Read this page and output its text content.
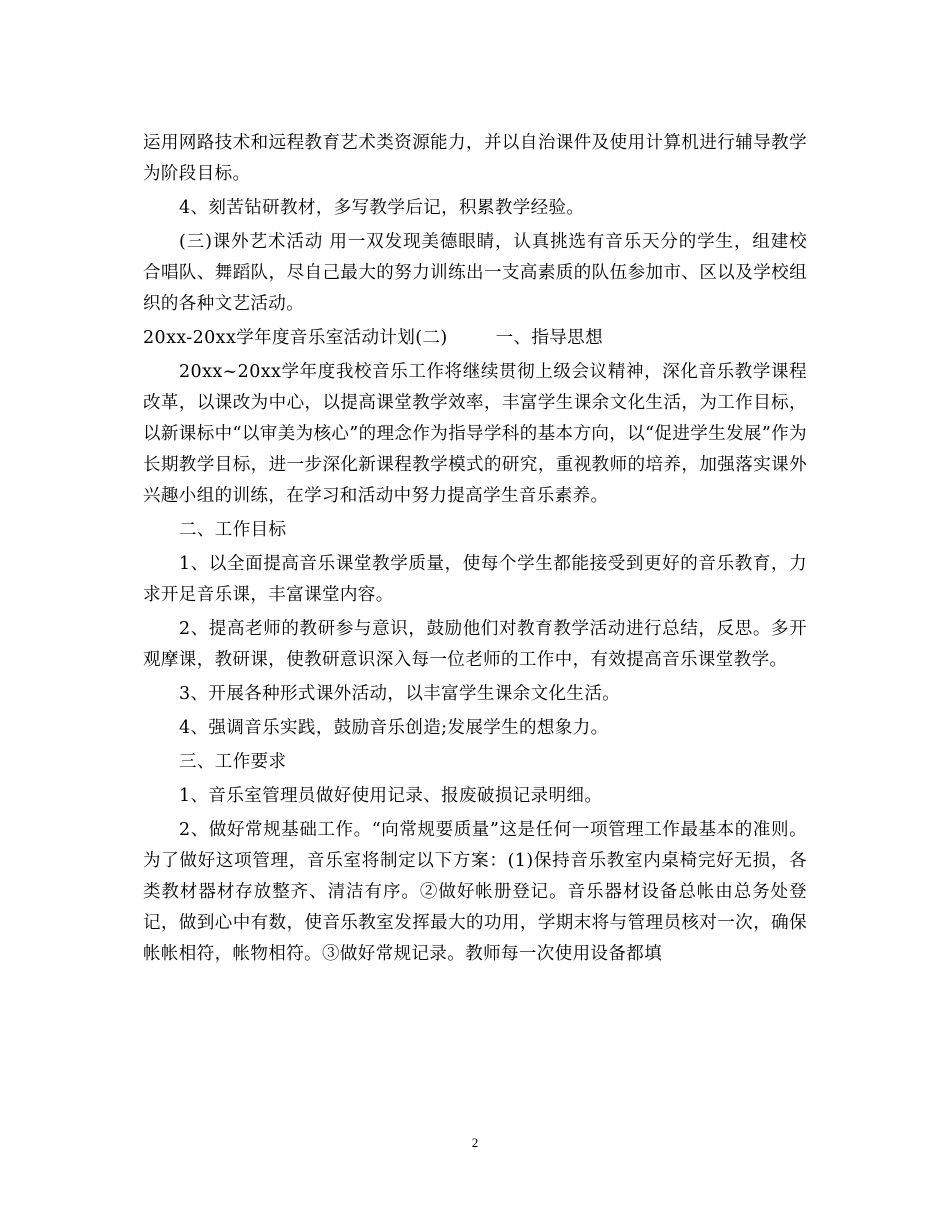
运用网路技术和远程教育艺术类资源能力，并以自治课件及使用计算机进行辅导教学为阶段目标。

4、刻苦钻研教材，多写教学后记，积累教学经验。

(三)课外艺术活动 用一双发现美德眼睛，认真挑选有音乐天分的学生，组建校合唱队、舞蹈队，尽自己最大的努力训练出一支高素质的队伍参加市、区以及学校组织的各种文艺活动。

20xx-20xx学年度音乐室活动计划(二)	一、指导思想

20xx~20xx学年度我校音乐工作将继续贯彻上级会议精神，深化音乐教学课程改革，以课改为中心，以提高课堂教学效率，丰富学生课余文化生活，为工作目标，以新课标中“以审美为核心”的理念作为指导学科的基本方向，以“促进学生发展”作为长期教学目标，进一步深化新课程教学模式的研究，重视教师的培养，加强落实课外兴趣小组的训练，在学习和活动中努力提高学生音乐素养。

二、工作目标

1、以全面提高音乐课堂教学质量，使每个学生都能接受到更好的音乐教育，力求开足音乐课，丰富课堂内容。

2、提高老师的教研参与意识，鼓励他们对教育教学活动进行总结，反思。多开观摩课，教研课，使教研意识深入每一位老师的工作中，有效提高音乐课堂教学。

3、开展各种形式课外活动，以丰富学生课余文化生活。

4、强调音乐实践，鼓励音乐创造;发展学生的想象力。

三、工作要求

1、音乐室管理员做好使用记录、报废破损记录明细。

2、做好常规基础工作。“向常规要质量”这是任何一项管理工作最基本的准则。为了做好这项管理，音乐室将制定以下方案：(1)保持音乐教室内桌椅完好无损，各类教材器材存放整齐、清洁有序。②做好帐册登记。音乐器材设备总帐由总务处登记，做到心中有数，使音乐教室发挥最大的功用，学期末将与管理员核对一次，确保帐帐相符，帐物相符。③做好常规记录。教师每一次使用设备都填

2
